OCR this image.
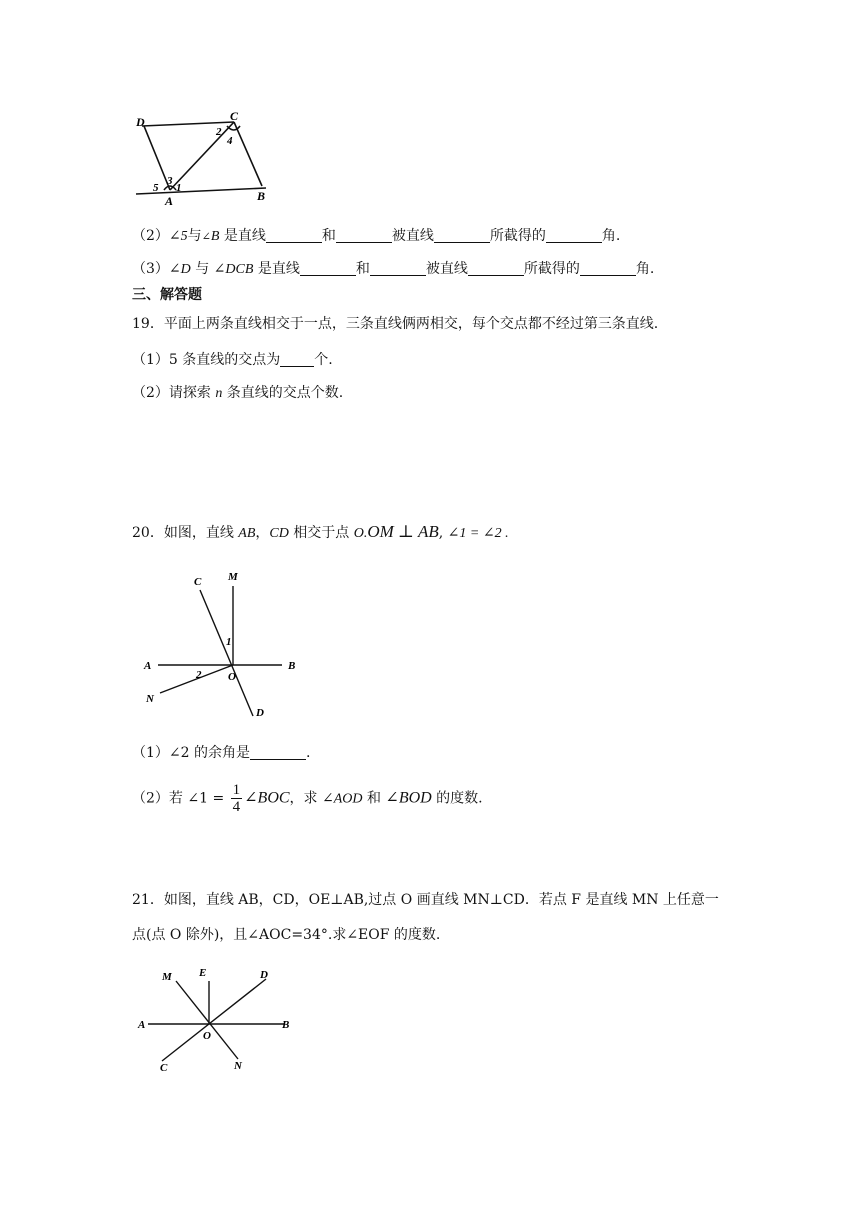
D	C
2
4
5
3
1
A	B
（2）∠5与∠B 是直线	和	被直线	所截得的	角.
（3）∠D 与 ∠DCB 是直线	和	被直线	所截得的	角.
三、解答题
19．平面上两条直线相交于一点，三条直线俩两相交，每个交点都不经过第三条直线.
（1）5 条直线的交点为 个.
（2）请探索 n 条直线的交点个数.
20．如图，直线 AB，CD 相交于点 O.OM ⊥ AB, ∠1 = ∠2 .
C M
1
A
2 O
B
N
D
（1）∠2 的余角是	.
（2）若 ∠1 = $\frac{1}{4}$ ∠BOC，求 ∠AOD 和 ∠BOD 的度数.
21．如图，直线 AB，CD，OE⊥AB,过点 O 画直线 MN⊥CD．若点 F 是直线 MN 上任意一
点(点 O 除外)，且∠AOC=34°.求∠EOF 的度数.
M E	D
A	B
O
C	N
